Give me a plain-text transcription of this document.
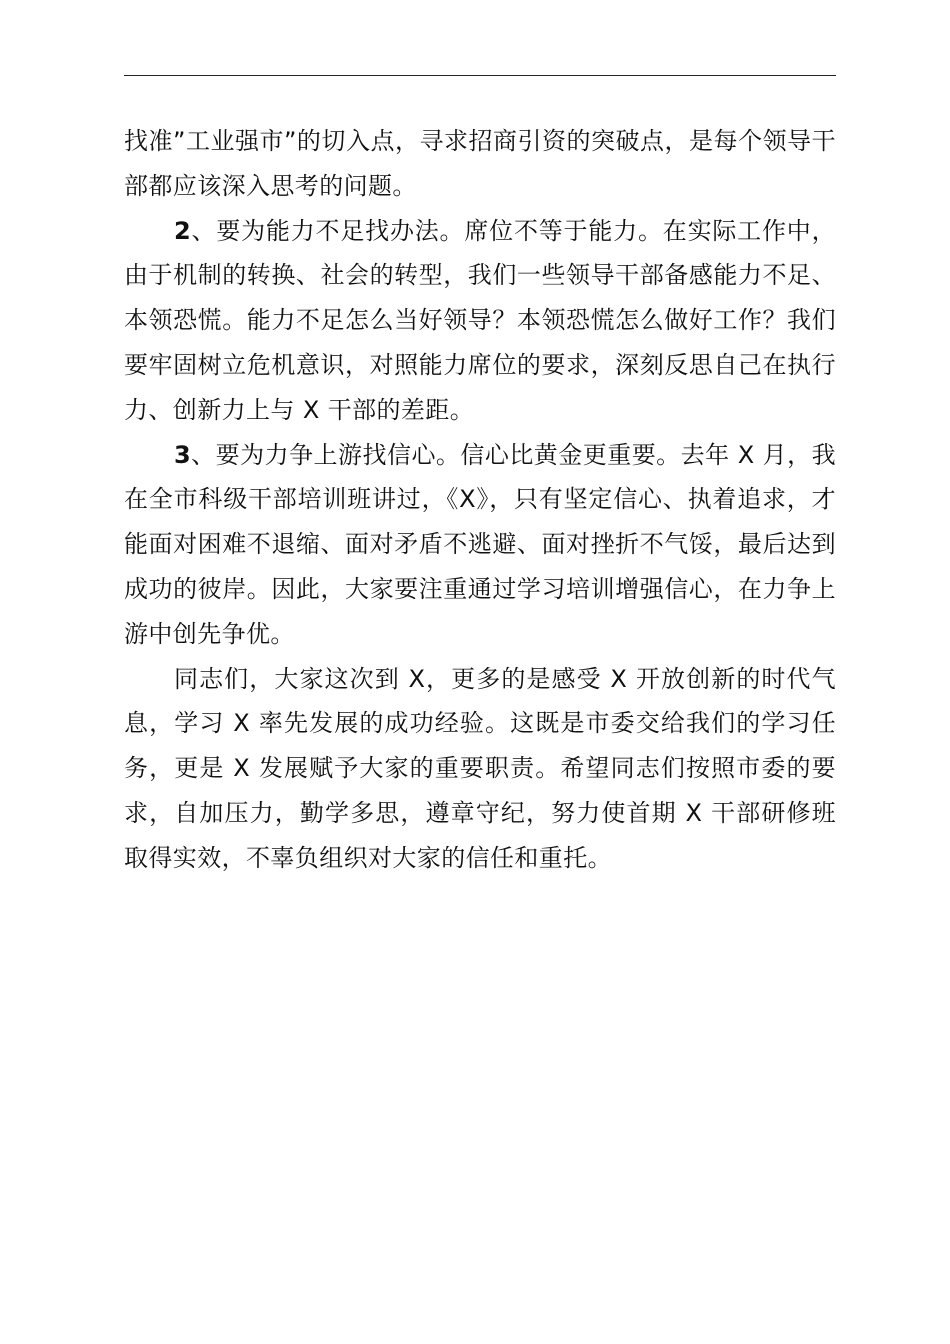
找准”工业强市”的切入点，寻求招商引资的突破点，是每个领导干部都应该深入思考的问题。

2、要为能力不足找办法。席位不等于能力。在实际工作中，由于机制的转换、社会的转型，我们一些领导干部备感能力不足、本领恐慌。能力不足怎么当好领导？本领恐慌怎么做好工作？我们要牢固树立危机意识，对照能力席位的要求，深刻反思自己在执行力、创新力上与 X 干部的差距。

3、要为力争上游找信心。信心比黄金更重要。去年 X 月，我在全市科级干部培训班讲过，《X》，只有坚定信心、执着追求，才能面对困难不退缩、面对矛盾不逃避、面对挫折不气馁，最后达到成功的彼岸。因此，大家要注重通过学习培训增强信心，在力争上游中创先争优。

同志们，大家这次到 X，更多的是感受 X 开放创新的时代气息，学习 X 率先发展的成功经验。这既是市委交给我们的学习任务，更是 X 发展赋予大家的重要职责。希望同志们按照市委的要求，自加压力，勤学多思，遵章守纪，努力使首期 X 干部研修班取得实效，不辜负组织对大家的信任和重托。
